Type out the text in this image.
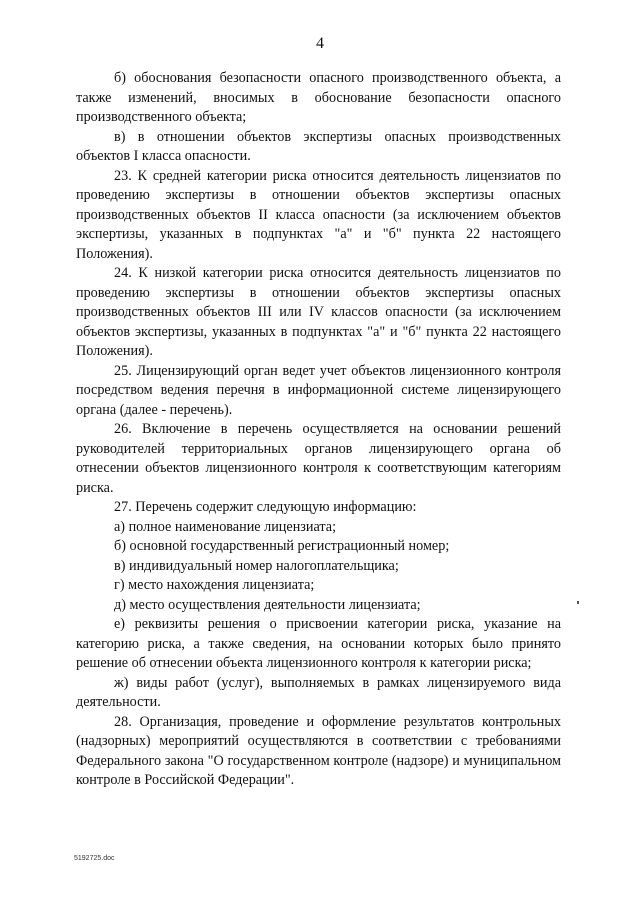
4

б) обоснования безопасности опасного производственного объекта, а также изменений, вносимых в обоснование безопасности опасного производственного объекта;

в) в отношении объектов экспертизы опасных производственных объектов I класса опасности.

23. К средней категории риска относится деятельность лицензиатов по проведению экспертизы в отношении объектов экспертизы опасных производственных объектов II класса опасности (за исключением объектов экспертизы, указанных в подпунктах "а" и "б" пункта 22 настоящего Положения).

24. К низкой категории риска относится деятельность лицензиатов по проведению экспертизы в отношении объектов экспертизы опасных производственных объектов III или IV классов опасности (за исключением объектов экспертизы, указанных в подпунктах "а" и "б" пункта 22 настоящего Положения).

25. Лицензирующий орган ведет учет объектов лицензионного контроля посредством ведения перечня в информационной системе лицензирующего органа (далее - перечень).

26. Включение в перечень осуществляется на основании решений руководителей территориальных органов лицензирующего органа об отнесении объектов лицензионного контроля к соответствующим категориям риска.

27. Перечень содержит следующую информацию:

а) полное наименование лицензиата;

б) основной государственный регистрационный номер;

в) индивидуальный номер налогоплательщика;

г) место нахождения лицензиата;

д) место осуществления деятельности лицензиата;

е) реквизиты решения о присвоении категории риска, указание на категорию риска, а также сведения, на основании которых было принято решение об отнесении объекта лицензионного контроля к категории риска;

ж) виды работ (услуг), выполняемых в рамках лицензируемого вида деятельности.

28. Организация, проведение и оформление результатов контрольных (надзорных) мероприятий осуществляются в соответствии с требованиями Федерального закона "О государственном контроле (надзоре) и муниципальном контроле в Российской Федерации".

5192725.doc
